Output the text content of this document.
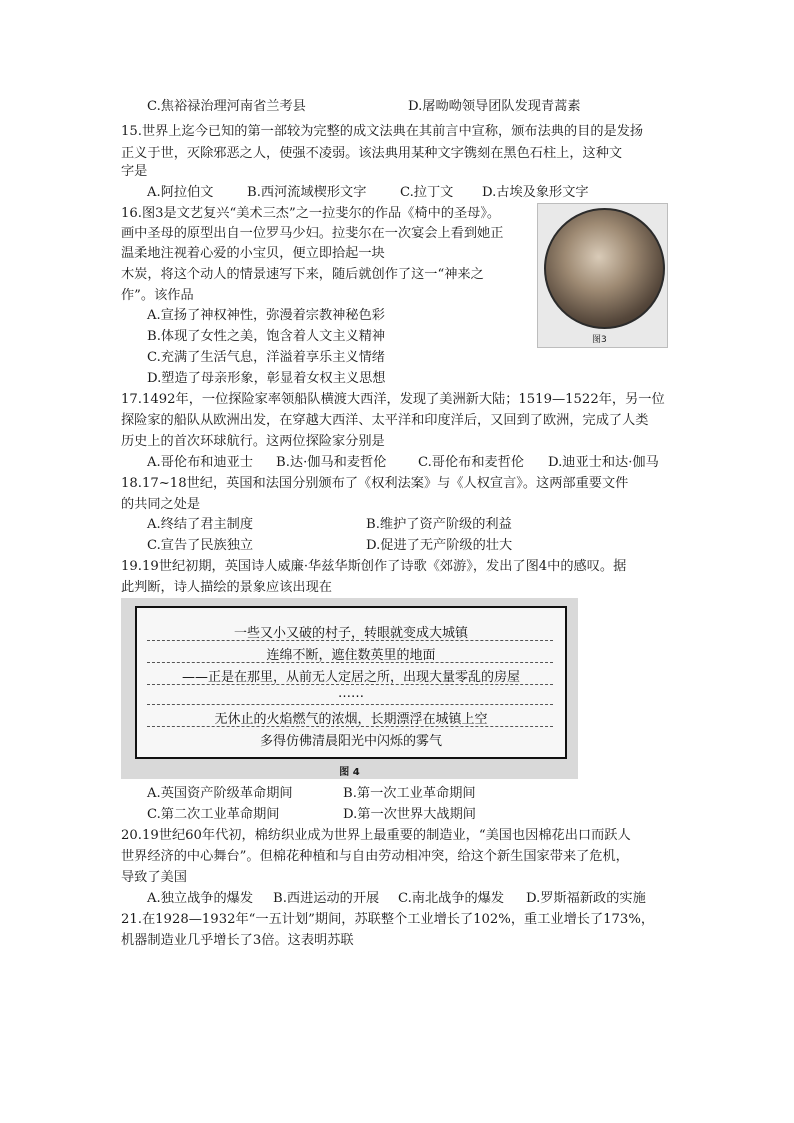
C.焦裕禄治理河南省兰考县	D.屠呦呦领导团队发现青蒿素
15.世界上迄今已知的第一部较为完整的成文法典在其前言中宣称，颁布法典的目的是发扬
正义于世，灭除邪恶之人，使强不凌弱。该法典用某种文字镌刻在黑色石柱上，这种文
字是
A.阿拉伯文	B.西河流域楔形文字	C.拉丁文 D.古埃及象形文字
16.图3是文艺复兴“美术三杰”之一拉斐尔的作品《椅中的圣母》。
画中圣母的原型出自一位罗马少妇。拉斐尔在一次宴会上看到她正
温柔地注视着心爱的小宝贝，便立即拾起一块
木炭，将这个动人的情景速写下来，随后就创作了这一“神来之
作”。该作品
A.宣扬了神权神性，弥漫着宗教神秘色彩
B.体现了女性之美，饱含着人文主义精神
C.充满了生活气息，洋溢着享乐主义情绪
D.塑造了母亲形象，彰显着女权主义思想
图3
17.1492年，一位探险家率领船队横渡大西洋，发现了美洲新大陆；1519—1522年，另一位
探险家的船队从欧洲出发，在穿越大西洋、太平洋和印度洋后，又回到了欧洲，完成了人类
历史上的首次环球航行。这两位探险家分别是
A.哥伦布和迪亚士 B.达·伽马和麦哲伦 C.哥伦布和麦哲伦 D.迪亚士和达·伽马
18.17~18世纪，英国和法国分别颁布了《权利法案》与《人权宣言》。这两部重要文件
的共同之处是
A.终结了君主制度	B.维护了资产阶级的利益
C.宣告了民族独立	D.促进了无产阶级的壮大
19.19世纪初期，英国诗人威廉·华兹华斯创作了诗歌《郊游》，发出了图4中的感叹。据
此判断，诗人描绘的景象应该出现在
一些又小又破的村子，转眼就变成大城镇
连绵不断，遮住数英里的地面
——正是在那里，从前无人定居之所，出现大量零乱的房屋
……
无休止的火焰燃气的浓烟，长期漂浮在城镇上空
多得仿佛清晨阳光中闪烁的雾气
图 4
A.英国资产阶级革命期间	B.第一次工业革命期间
C.第二次工业革命期间	D.第一次世界大战期间
20.19世纪60年代初，棉纺织业成为世界上最重要的制造业，“美国也因棉花出口而跃人
世界经济的中心舞台”。但棉花种植和与自由劳动相冲突，给这个新生国家带来了危机，
导致了美国
A.独立战争的爆发 B.西进运动的开展 C.南北战争的爆发 D.罗斯福新政的实施
21.在1928—1932年“一五计划”期间，苏联整个工业增长了102%，重工业增长了173%，
机器制造业几乎增长了3倍。这表明苏联
